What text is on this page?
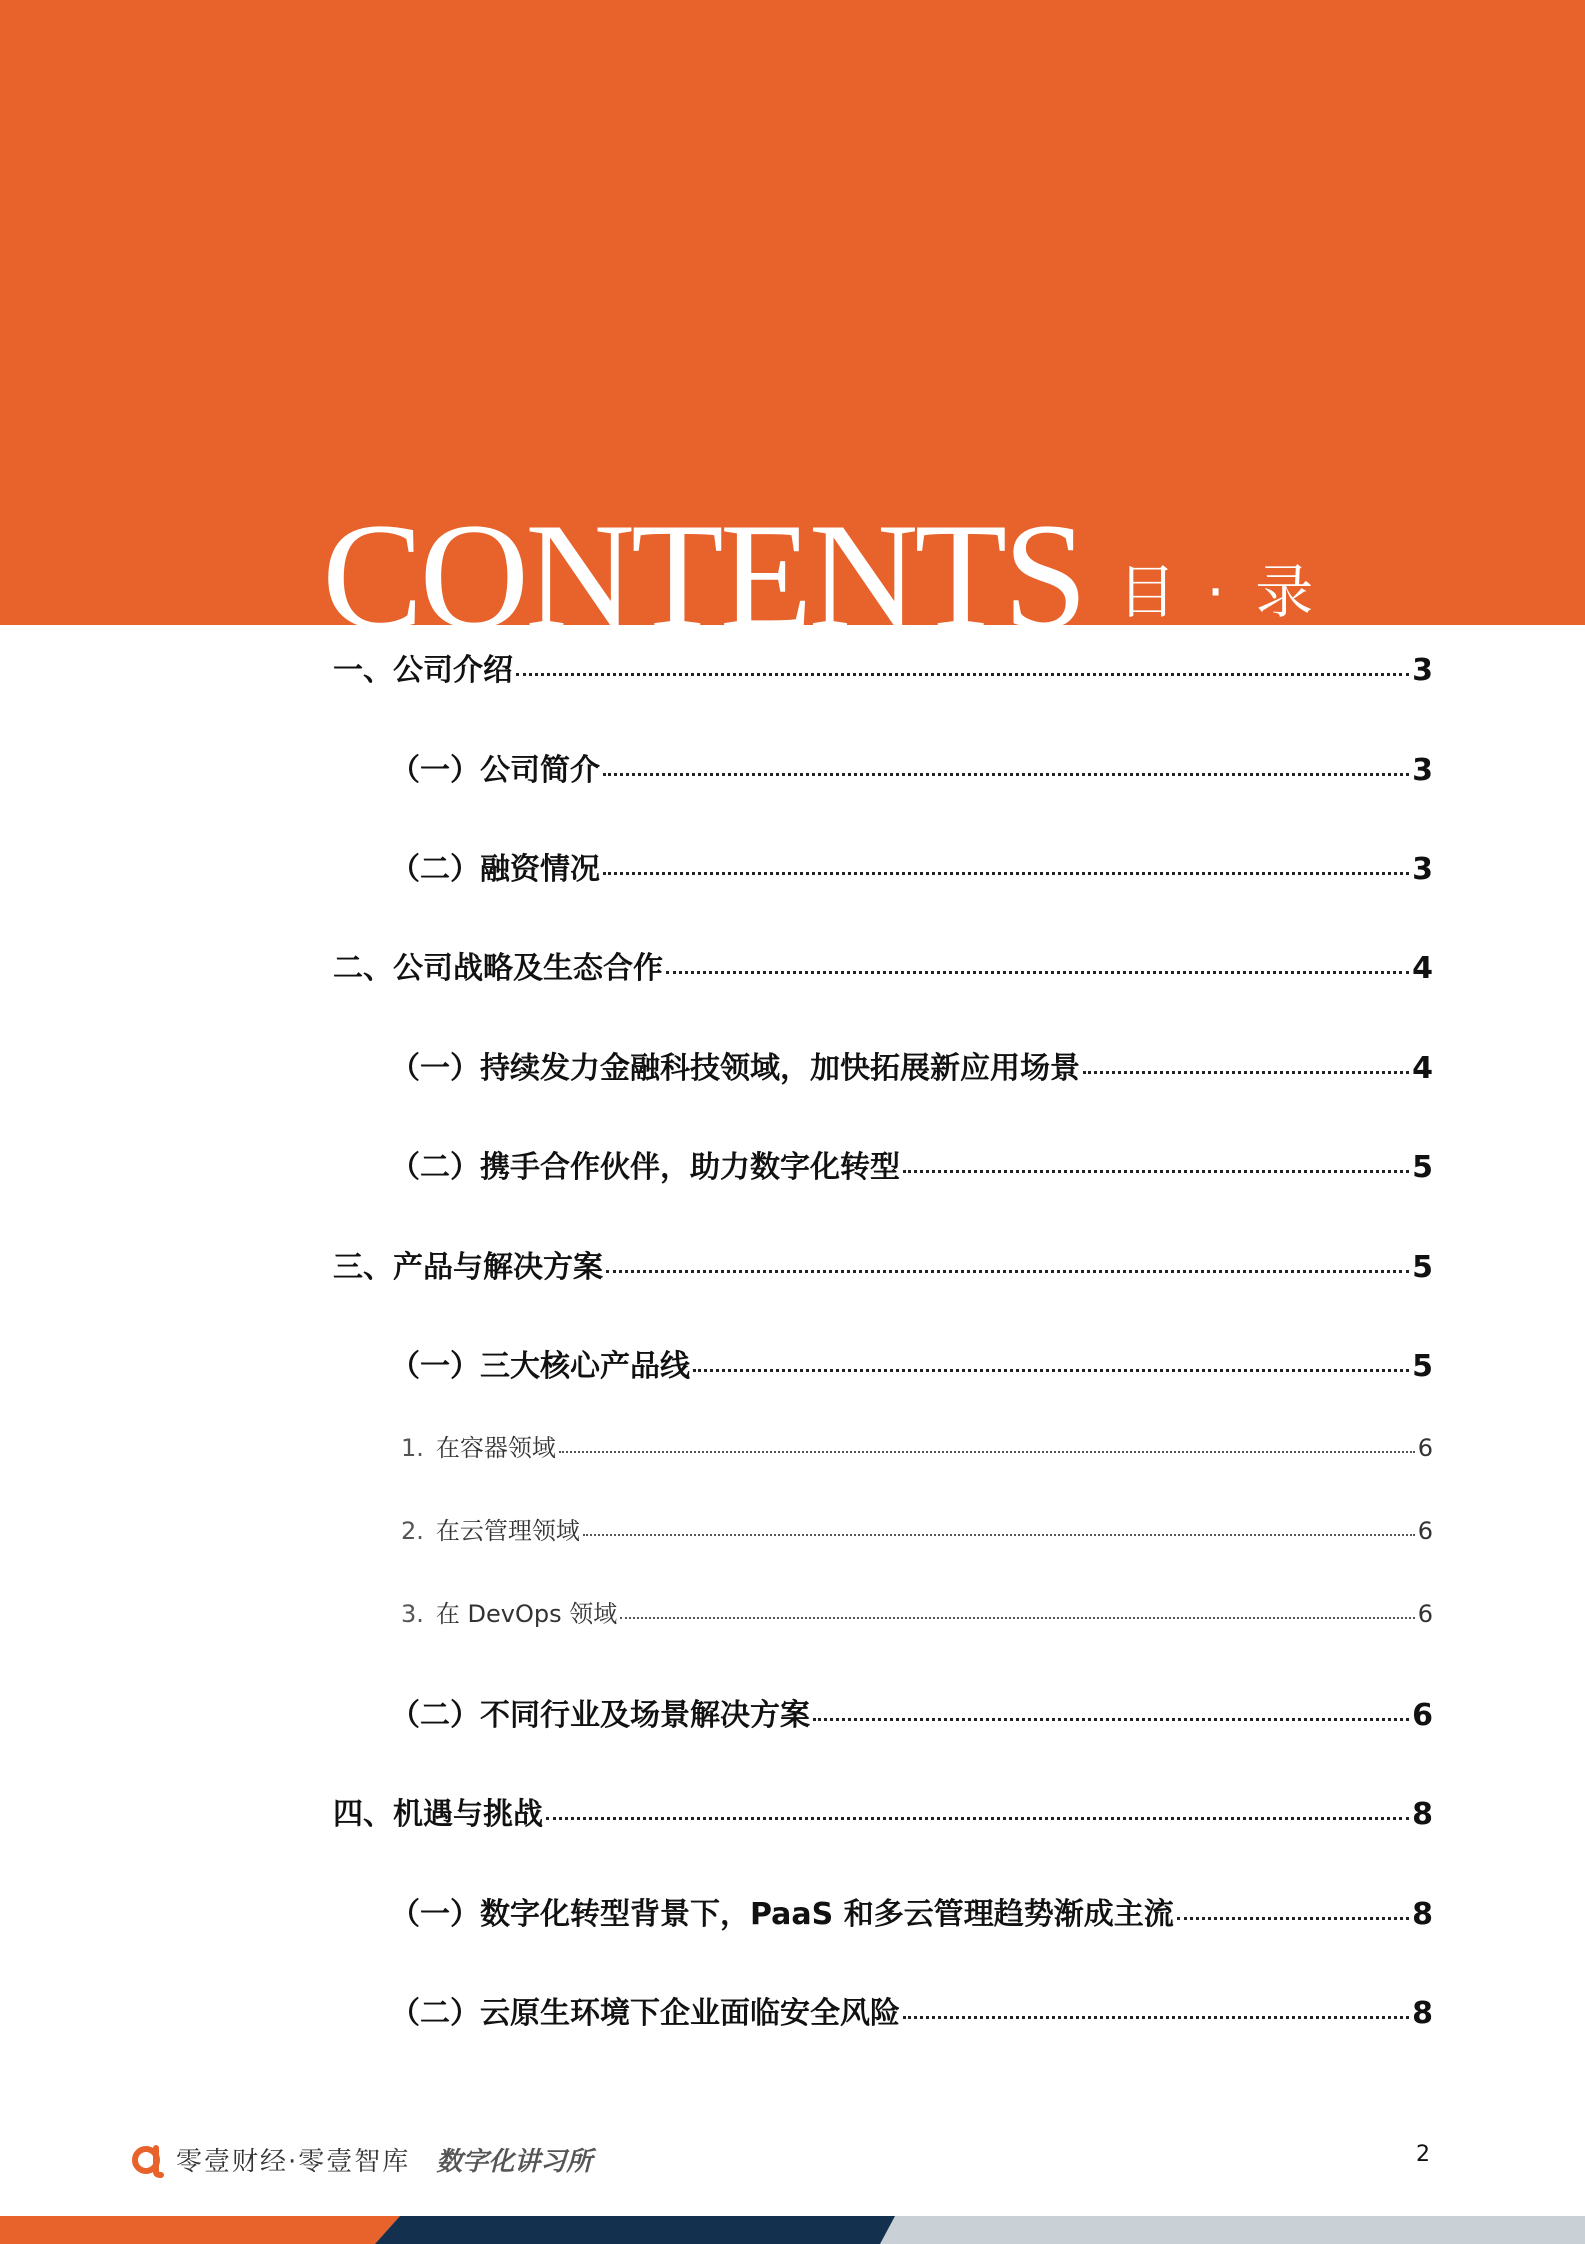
CONTENTS 目 · 录
一、公司介绍	3
（一）公司简介	3
（二）融资情况	3
二、公司战略及生态合作	4
（一）持续发力金融科技领域，加快拓展新应用场景	4
（二）携手合作伙伴，助力数字化转型	5
三、产品与解决方案	5
（一）三大核心产品线	5
1. 在容器领域	6
2. 在云管理领域	6
3. 在 DevOps 领域	6
（二）不同行业及场景解决方案	6
四、机遇与挑战	8
（一）数字化转型背景下，PaaS 和多云管理趋势渐成主流	8
（二）云原生环境下企业面临安全风险	8
零壹财经·零壹智库 数字化讲习所	2
